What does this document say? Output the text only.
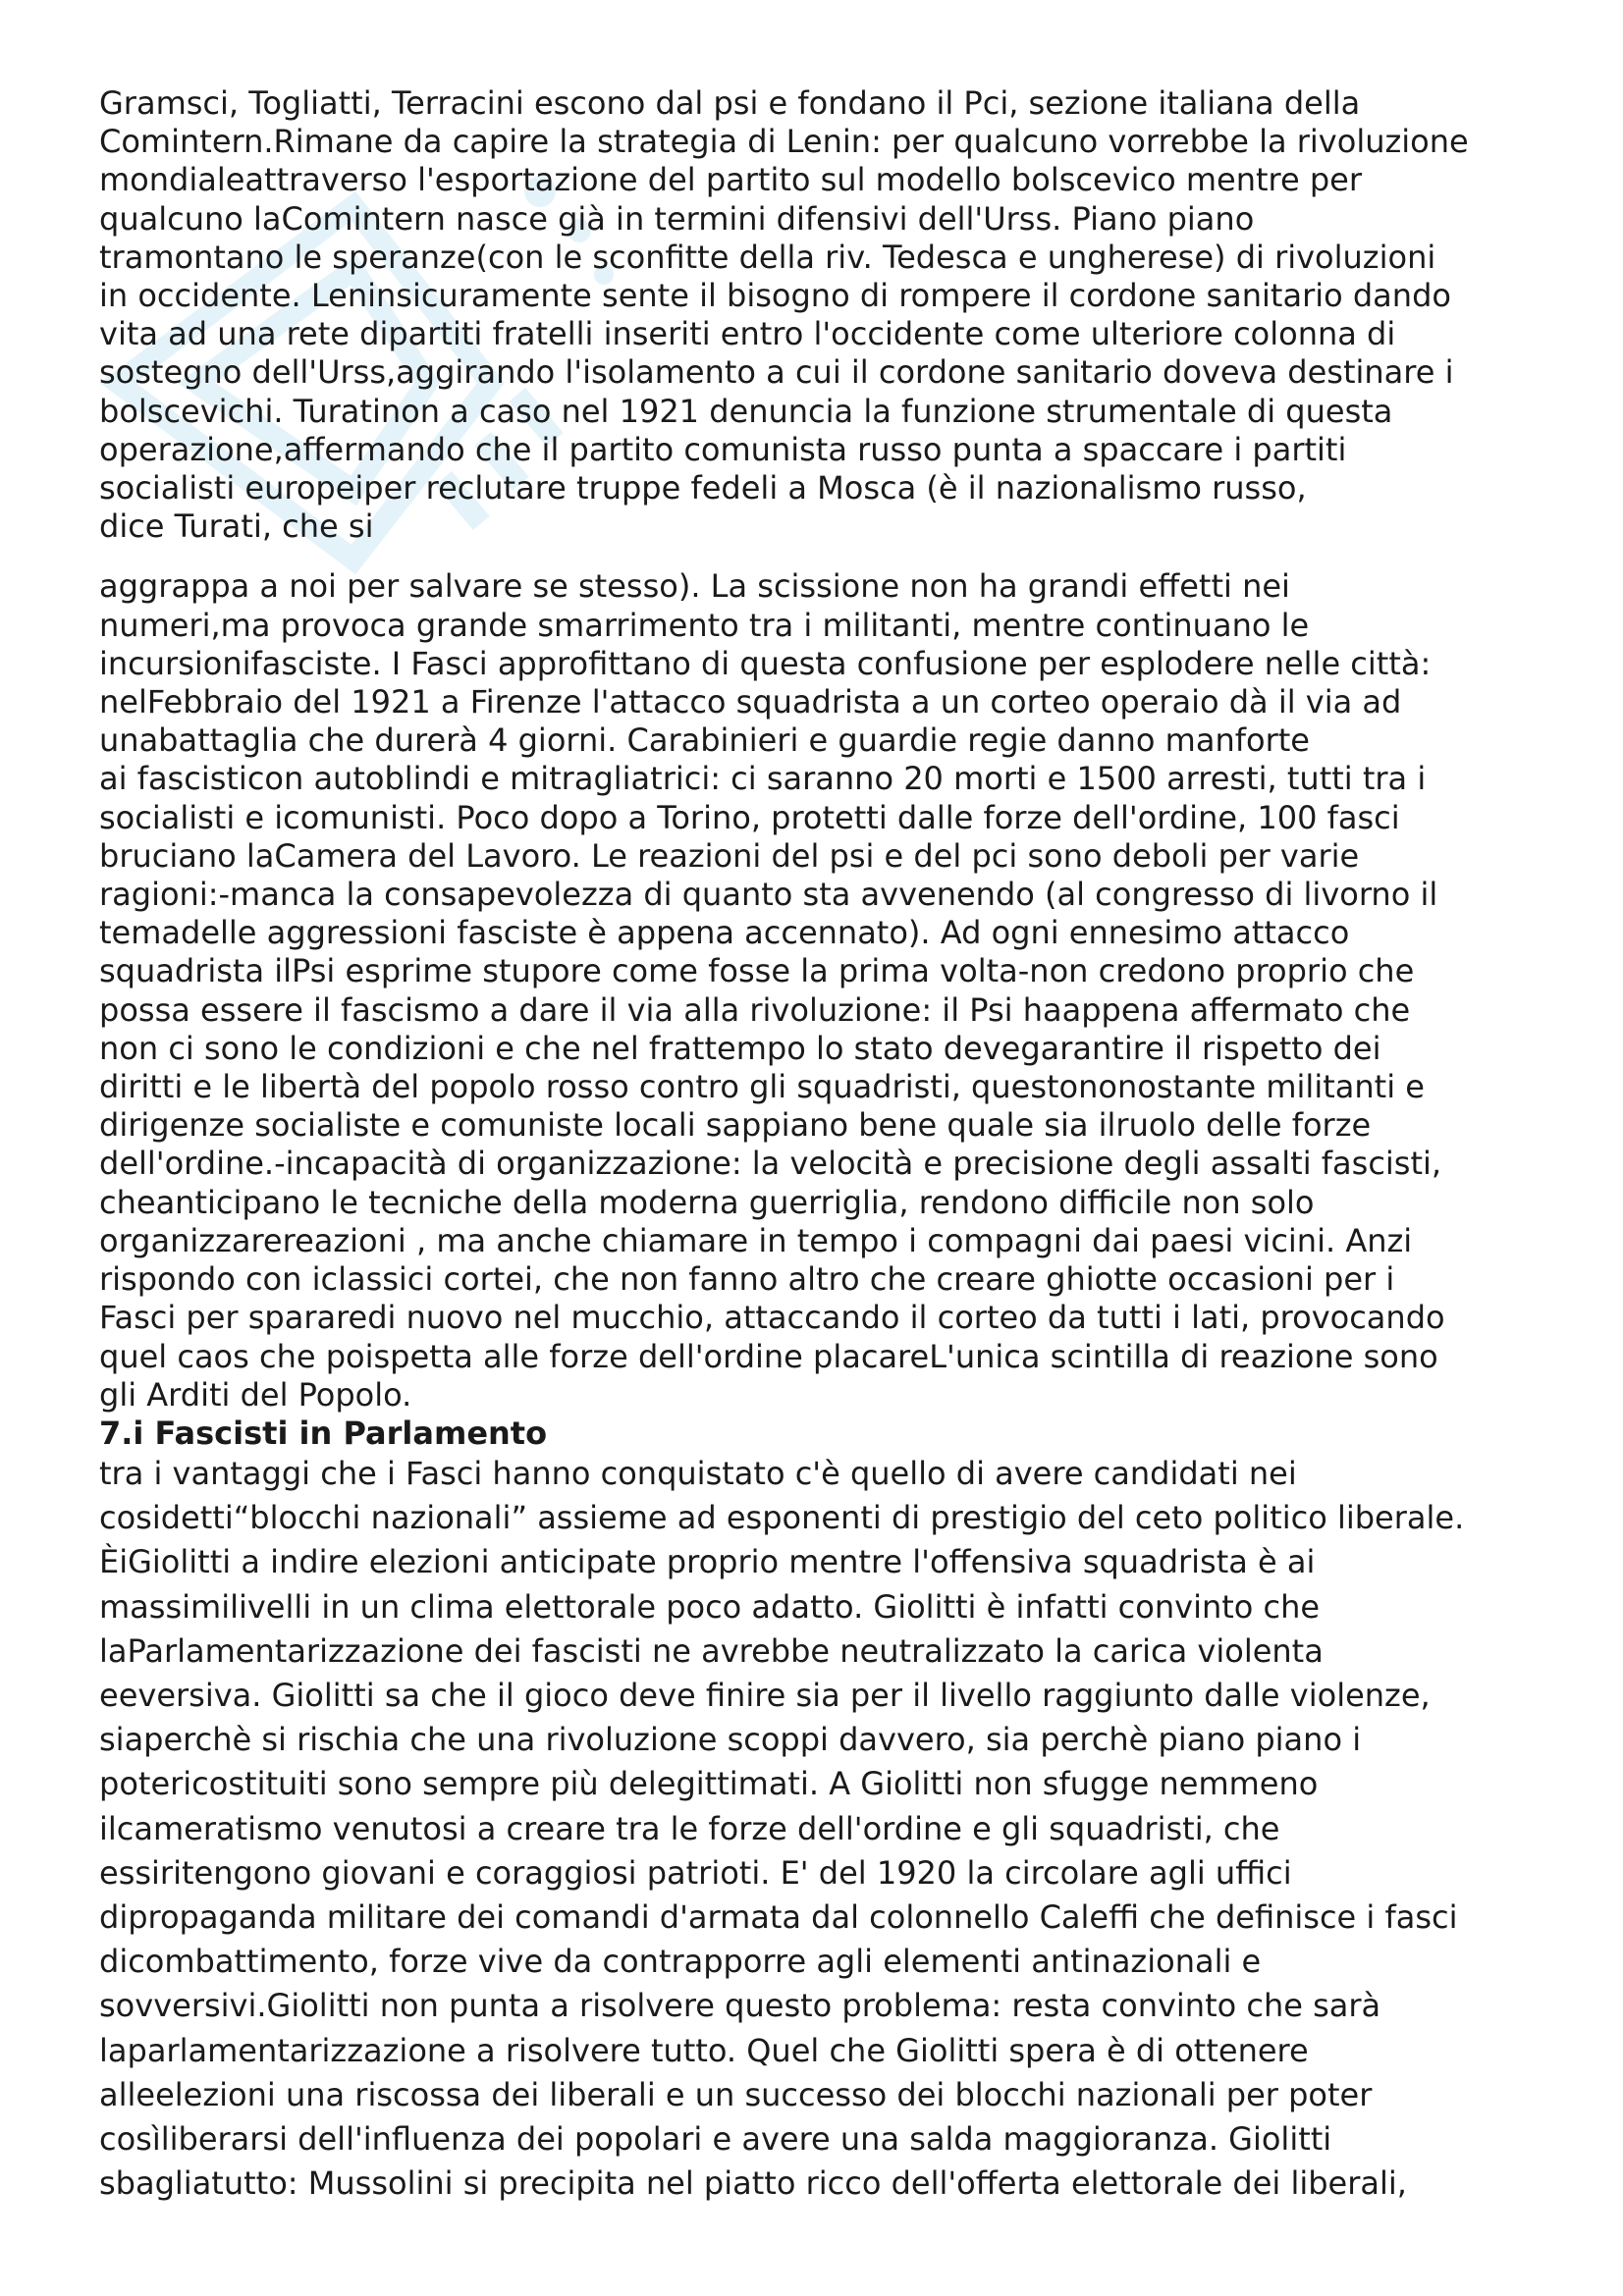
Gramsci, Togliatti, Terracini escono dal psi e fondano il Pci, sezione italiana della
Comintern.Rimane da capire la strategia di Lenin: per qualcuno vorrebbe la rivoluzione
mondialeattraverso l'esportazione del partito sul modello bolscevico mentre per
qualcuno laComintern nasce già in termini difensivi dell'Urss. Piano piano
tramontano le speranze(con le sconfitte della riv. Tedesca e ungherese) di rivoluzioni
in occidente. Leninsicuramente sente il bisogno di rompere il cordone sanitario dando
vita ad una rete dipartiti fratelli inseriti entro l'occidente come ulteriore colonna di
sostegno dell'Urss,aggirando l'isolamento a cui il cordone sanitario doveva destinare i
bolscevichi. Turatinon a caso nel 1921 denuncia la funzione strumentale di questa
operazione,affermando che il partito comunista russo punta a spaccare i partiti
socialisti europeiper reclutare truppe fedeli a Mosca (è il nazionalismo russo,
dice Turati, che si
aggrappa a noi per salvare se stesso). La scissione non ha grandi effetti nei
numeri,ma provoca grande smarrimento tra i militanti, mentre continuano le
incursionifasciste. I Fasci approfittano di questa confusione per esplodere nelle città:
nelFebbraio del 1921 a Firenze l'attacco squadrista a un corteo operaio dà il via ad
unabattaglia che durerà 4 giorni. Carabinieri e guardie regie danno manforte
ai fascisticon autoblindi e mitragliatrici: ci saranno 20 morti e 1500 arresti, tutti tra i
socialisti e icomunisti. Poco dopo a Torino, protetti dalle forze dell'ordine, 100 fasci
bruciano laCamera del Lavoro. Le reazioni del psi e del pci sono deboli per varie
ragioni:-manca la consapevolezza di quanto sta avvenendo (al congresso di livorno il
temadelle aggressioni fasciste è appena accennato). Ad ogni ennesimo attacco
squadrista ilPsi esprime stupore come fosse la prima volta-non credono proprio che
possa essere il fascismo a dare il via alla rivoluzione: il Psi haappena affermato che
non ci sono le condizioni e che nel frattempo lo stato devegarantire il rispetto dei
diritti e le libertà del popolo rosso contro gli squadristi, questononostante militanti e
dirigenze socialiste e comuniste locali sappiano bene quale sia ilruolo delle forze
dell'ordine.-incapacità di organizzazione: la velocità e precisione degli assalti fascisti,
cheanticipano le tecniche della moderna guerriglia, rendono difficile non solo
organizzarereazioni , ma anche chiamare in tempo i compagni dai paesi vicini. Anzi
rispondo con iclassici cortei, che non fanno altro che creare ghiotte occasioni per i
Fasci per spararedi nuovo nel mucchio, attaccando il corteo da tutti i lati, provocando
quel caos che poispetta alle forze dell'ordine placareL'unica scintilla di reazione sono
gli Arditi del Popolo.
7.i Fascisti in Parlamento
tra i vantaggi che i Fasci hanno conquistato c'è quello di avere candidati nei
cosidetti“blocchi nazionali” assieme ad esponenti di prestigio del ceto politico liberale.
ÈiGiolitti a indire elezioni anticipate proprio mentre l'offensiva squadrista è ai
massimilivelli in un clima elettorale poco adatto. Giolitti è infatti convinto che
laParlamentarizzazione dei fascisti ne avrebbe neutralizzato la carica violenta
eeversiva. Giolitti sa che il gioco deve finire sia per il livello raggiunto dalle violenze,
siaperchè si rischia che una rivoluzione scoppi davvero, sia perchè piano piano i
potericostituiti sono sempre più delegittimati. A Giolitti non sfugge nemmeno
ilcameratismo venutosi a creare tra le forze dell'ordine e gli squadristi, che
essiritengono giovani e coraggiosi patrioti. E' del 1920 la circolare agli uffici
dipropaganda militare dei comandi d'armata dal colonnello Caleffi che definisce i fasci
dicombattimento, forze vive da contrapporre agli elementi antinazionali e
sovversivi.Giolitti non punta a risolvere questo problema: resta convinto che sarà
laparlamentarizzazione a risolvere tutto. Quel che Giolitti spera è di ottenere
alleelezioni una riscossa dei liberali e un successo dei blocchi nazionali per poter
cosìliberarsi dell'influenza dei popolari e avere una salda maggioranza. Giolitti
sbagliatutto: Mussolini si precipita nel piatto ricco dell'offerta elettorale dei liberali,
